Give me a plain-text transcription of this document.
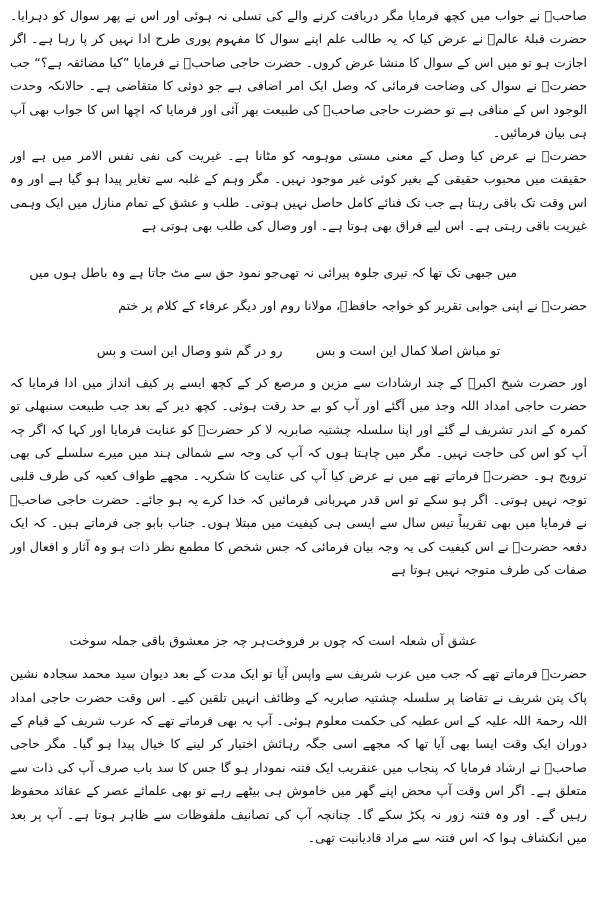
صاحبؒ نے جواب میں کچھ فرمایا مگر دریافت کرنے والے کی تسلی نہ ہوئی اور اس نے پھر سوال کو دہرایا۔ حضرت قبلۂ عالمؒ نے عرض کیا کہ یہ طالب علم اپنے سوال کا مفہوم پوری طرح ادا نہیں کر پا رہا ہے۔ اگر اجازت ہو تو میں اس کے سوال کا منشا عرض کروں۔ حضرت حاجی صاحبؒ نے فرمایا ”کیا مضائقہ ہے؟“ جب حضرتؒ نے سوال کی وضاحت فرمائی کہ وصل ایک امر اضافی ہے جو دوئی کا متقاضی ہے۔ حالانکہ وحدت الوجود اس کے منافی ہے تو حضرت حاجی صاحبؒ کی طبیعت بھر آئی اور فرمایا کہ اچھا اس کا جواب بھی آپ ہی بیان فرمائیں۔

حضرتؒ نے عرض کیا وصل کے معنی مستی موہومہ کو مٹانا ہے۔ غیریت کی نفی نفس الامر میں ہے اور حقیقت میں محبوب حقیقی کے بغیر کوئی غیر موجود نہیں۔ مگر وہم کے غلبہ سے تغایر پیدا ہو گیا ہے اور وہ اس وقت تک باقی رہتا ہے جب تک فنائے کامل حاصل نہیں ہوتی۔ طلب و عشق کے تمام منازل میں ایک وہمی غیریت باقی رہتی ہے۔ اس لیے فراق بھی ہوتا ہے۔ اور وصال کی طلب بھی ہوتی ہے

میں جبھی تک تھا کہ تیری جلوہ پیرائی نہ تھی
جو نمود حق سے مٹ جاتا ہے وہ باطل ہوں میں

حضرتؒ نے اپنی جوابی تقریر کو خواجہ حافظؒ، مولانا روم اور دیگر عرفاء کے کلام پر ختم

تو مباش اصلا کمال این است و بس
رو در گم شو وصال این است و بس

اور حضرت شیخ اکبرؒ کے چند ارشادات سے مزین و مرصع کر کے کچھ ایسے پر کیف انداز میں ادا فرمایا کہ حضرت حاجی امداد اللہ وجد میں آگئے اور آپ کو بے حد رقت ہوئی۔ کچھ دیر کے بعد جب طبیعت سنبھلی تو کمرہ کے اندر تشریف لے گئے اور اپنا سلسلہ چشتیہ صابریہ لا کر حضرتؒ کو عنایت فرمایا اور کہا کہ اگر چہ آپ کو اس کی حاجت نہیں۔ مگر میں چاہتا ہوں کہ آپ کی وجہ سے شمالی ہند میں میرے سلسلے کی بھی ترویج ہو۔ حضرتؒ فرماتے تھے میں نے عرض کیا آپ کی عنایت کا شکریہ۔ مجھے طواف کعبہ کی طرف قلبی توجہ نہیں ہوتی۔ اگر ہو سکے تو اس قدر مہربانی فرمائیں کہ خدا کرے یہ ہو جائے۔ حضرت حاجی صاحبؒ نے فرمایا میں بھی تقریباً تیس سال سے ایسی ہی کیفیت میں مبتلا ہوں۔ جناب بابو جی فرماتے ہیں۔ کہ ایک دفعہ حضرتؒ نے اس کیفیت کی یہ وجہ بیان فرمائی کہ جس شخص کا مطمع نظر ذات ہو وہ آثار و افعال اور صفات کی طرف متوجہ نہیں ہوتا ہے

عشق آں شعلہ است کہ چوں بر فروخت
ہر چہ جز معشوق باقی جملہ سوخت

حضرتؒ فرماتے تھے کہ جب میں عرب شریف سے واپس آیا تو ایک مدت کے بعد دیوان سید محمد سجادہ نشین پاک پتن شریف نے تقاضا پر سلسلہ چشتیہ صابریہ کے وظائف انہیں تلقین کیے۔ اس وقت حضرت حاجی امداد اللہ رحمۃ اللہ علیہ کے اس عطیہ کی حکمت معلوم ہوئی۔ آپ یہ بھی فرماتے تھے کہ عرب شریف کے قیام کے دوران ایک وقت ایسا بھی آیا تھا کہ مجھے اسی جگہ رہائش اختیار کر لینے کا خیال پیدا ہو گیا۔ مگر حاجی صاحبؒ نے ارشاد فرمایا کہ پنجاب میں عنقریب ایک فتنہ نمودار ہو گا جس کا سد باب صرف آپ کی ذات سے متعلق ہے۔ اگر اس وقت آپ محض اپنے گھر میں خاموش ہی بیٹھے رہے تو بھی علمائے عصر کے عقائد محفوظ رہیں گے۔ اور وہ فتنہ زور نہ پکڑ سکے گا۔ چنانچہ آپ کی تصانیف ملفوظات سے ظاہر ہوتا ہے۔ آپ پر بعد میں انکشاف ہوا کہ اس فتنہ سے مراد قادیانیت تھی۔
